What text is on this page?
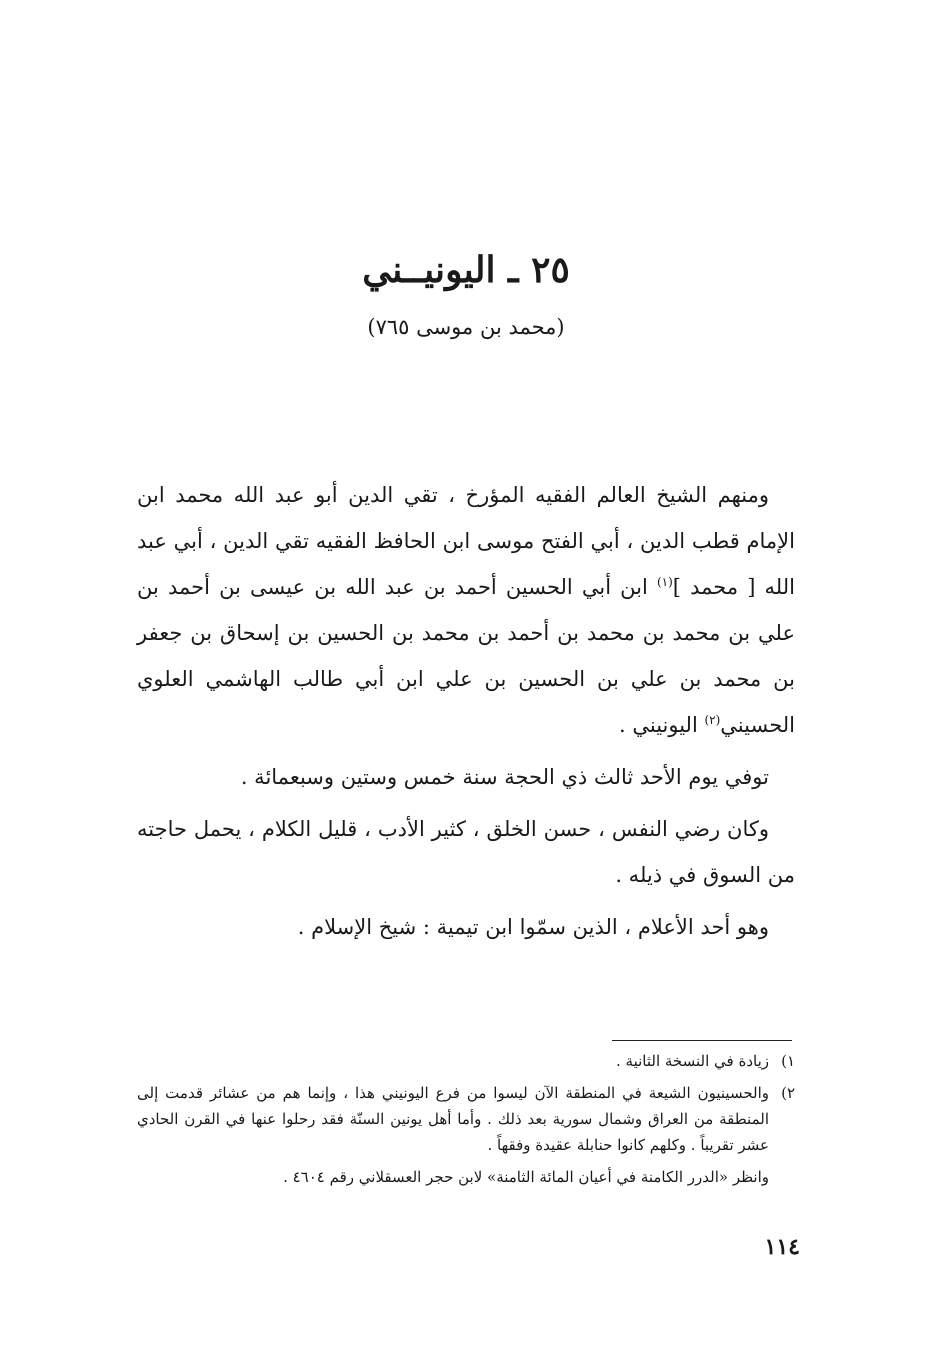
٢٥ ـ اليونيــني
(محمد بن موسى ٧٦٥)

ومنهم الشيخ العالم الفقيه المؤرخ ، تقي الدين أبو عبد الله محمد ابن الإمام قطب الدين ، أبي الفتح موسى ابن الحافظ الفقيه تقي الدين ، أبي عبد الله [ محمد ]$^{(١)}$ ابن أبي الحسين أحمد بن عبد الله بن عيسى بن أحمد بن علي بن محمد بن محمد بن أحمد بن محمد بن الحسين بن إسحاق بن جعفر بن محمد بن علي بن الحسين بن علي ابن أبي طالب الهاشمي العلوي الحسيني$^{(٢)}$ اليونيني .

توفي يوم الأحد ثالث ذي الحجة سنة خمس وستين وسبعمائة .

وكان رضي النفس ، حسن الخلق ، كثير الأدب ، قليل الكلام ، يحمل حاجته من السوق في ذيله .

وهو أحد الأعلام ، الذين سمّوا ابن تيمية : شيخ الإسلام .

١)
زيادة في النسخة الثانية .
٢)
والحسينيون الشيعة في المنطقة الآن ليسوا من فرع اليونيني هذا ، وإنما هم من عشائر قدمت إلى المنطقة من العراق وشمال سورية بعد ذلك . وأما أهل يونين السنّة فقد رحلوا عنها في القرن الحادي عشر تقريباً . وكلهم كانوا حنابلة عقيدة وفقهاً .
وانظر «الدرر الكامنة في أعيان المائة الثامنة» لابن حجر العسقلاني رقم ٤٦٠٤ .
١١٤
